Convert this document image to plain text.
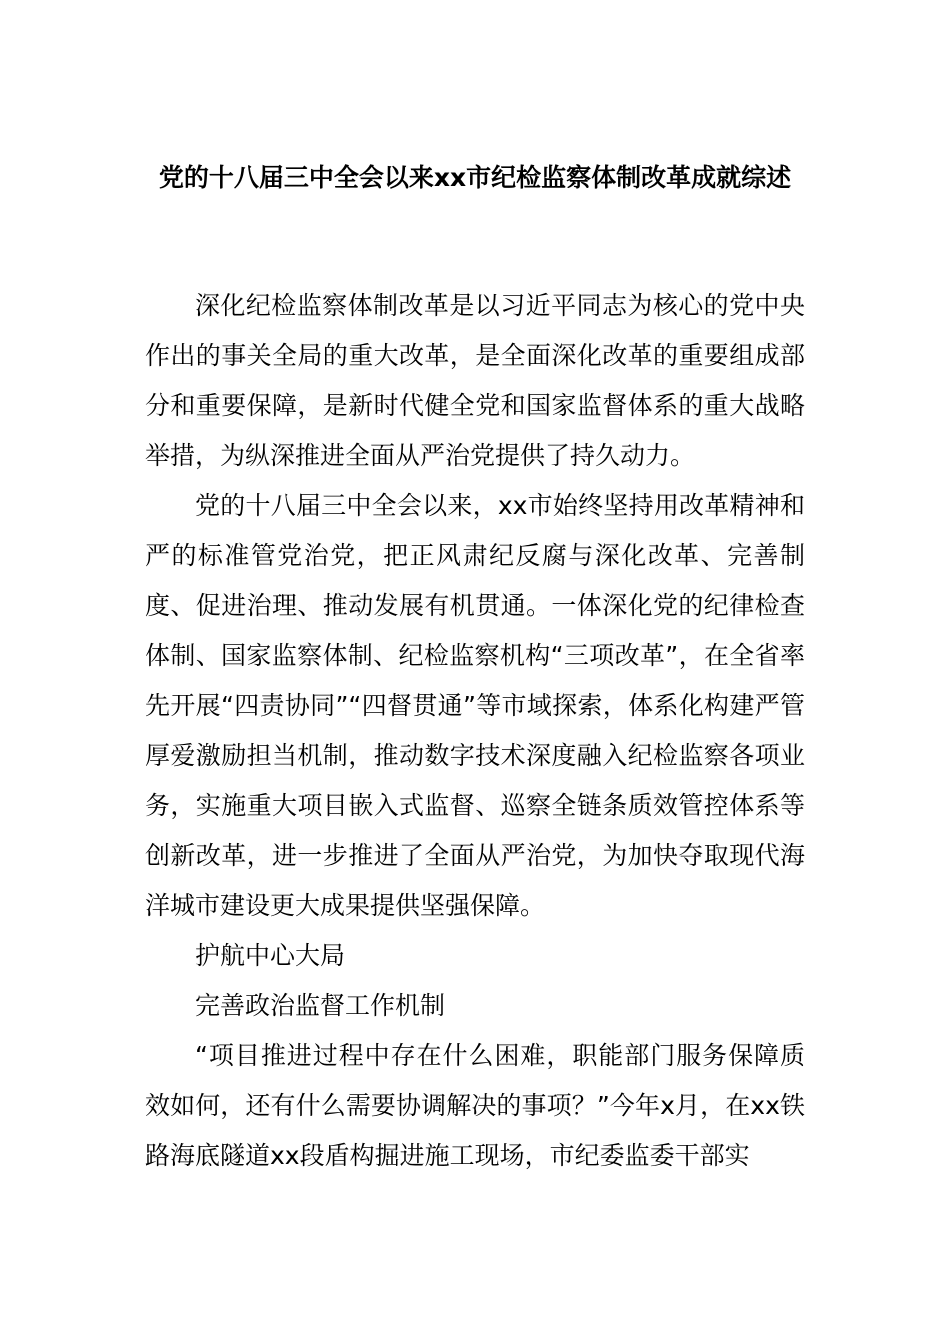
党的十八届三中全会以来xx市纪检监察体制改革成就综述

深化纪检监察体制改革是以习近平同志为核心的党中央作出的事关全局的重大改革，是全面深化改革的重要组成部分和重要保障，是新时代健全党和国家监督体系的重大战略举措，为纵深推进全面从严治党提供了持久动力。

党的十八届三中全会以来，xx市始终坚持用改革精神和严的标准管党治党，把正风肃纪反腐与深化改革、完善制度、促进治理、推动发展有机贯通。一体深化党的纪律检查体制、国家监察体制、纪检监察机构“三项改革”，在全省率先开展“四责协同”“四督贯通”等市域探索，体系化构建严管厚爱激励担当机制，推动数字技术深度融入纪检监察各项业务，实施重大项目嵌入式监督、巡察全链条质效管控体系等创新改革，进一步推进了全面从严治党，为加快夺取现代海洋城市建设更大成果提供坚强保障。

护航中心大局

完善政治监督工作机制

“项目推进过程中存在什么困难，职能部门服务保障质效如何，还有什么需要协调解决的事项？”今年x月，在xx铁路海底隧道xx段盾构掘进施工现场，市纪委监委干部实
